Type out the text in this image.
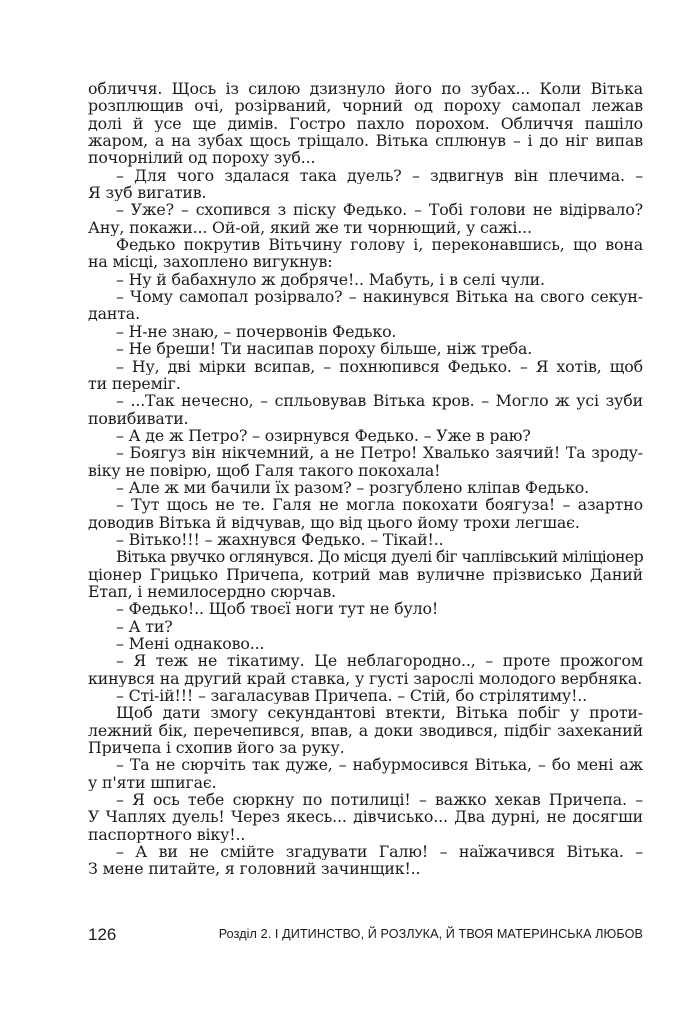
обличчя. Щось із силою дзизнуло його по зубах... Коли Вітька
розплющив очі, розірваний, чорний од пороху самопал лежав
долі й усе ще димів. Гостро пахло порохом. Обличчя пашіло
жаром, а на зубах щось тріщало. Вітька сплюнув – і до ніг випав
почорнілий од пороху зуб...
– Для чого здалася така дуель? – здвигнув він плечима. –
Я зуб вигатив.
– Уже? – схопився з піску Федько. – Тобі голови не відірвало?
Ану, покажи... Ой-ой, який же ти чорнющий, у сажі...
Федько покрутив Вітьчину голову і, переконавшись, що вона
на місці, захоплено вигукнув:
– Ну й бабахнуло ж добряче!.. Мабуть, і в селі чули.
– Чому самопал розірвало? – накинувся Вітька на свого секун-
данта.
– Н-не знаю, – почервонів Федько.
– Не бреши! Ти насипав пороху більше, ніж треба.
– Ну, дві мірки всипав, – похнюпився Федько. – Я хотів, щоб
ти переміг.
– ...Так нечесно, – спльовував Вітька кров. – Могло ж усі зуби
повибивати.
– А де ж Петро? – озирнувся Федько. – Уже в раю?
– Боягуз він нікчемний, а не Петро! Хвалько заячий! Та зроду-
віку не повірю, щоб Галя такого покохала!
– Але ж ми бачили їх разом? – розгублено кліпав Федько.
– Тут щось не те. Галя не могла покохати боягуза! – азартно
доводив Вітька й відчував, що від цього йому трохи легшає.
– Вітько!!! – жахнувся Федько. – Тікай!..
Вітька рвучко оглянувся. До місця дуелі біг чаплівський міліціонер
ціонер Грицько Причепа, котрий мав вуличне прізвисько Даний
Етап, і немилосердно сюрчав.
– Федько!.. Щоб твоєї ноги тут не було!
– А ти?
– Мені однаково...
– Я теж не тікатиму. Це неблагородно.., – проте прожогом
кинувся на другий край ставка, у густі зарослі молодого вербняка.
– Сті-ій!!! – загаласував Причепа. – Стій, бо стрілятиму!..
Щоб дати змогу секундантові втекти, Вітька побіг у проти-
лежний бік, перечепився, впав, а доки зводився, підбіг захеканий
Причепа і схопив його за руку.
– Та не сюрчіть так дуже, – набурмосився Вітька, – бо мені аж
у п'яти шпигає.
– Я ось тебе сюркну по потилиці! – важко хекав Причепа. –
У Чаплях дуель! Через якесь... дівчисько... Два дурні, не досягши
паспортного віку!..
– А ви не смійте згадувати Галю! – наїжачився Вітька. –
З мене питайте, я головний зачинщик!..
126	Розділ 2. І ДИТИНСТВО, Й РОЗЛУКА, Й ТВОЯ МАТЕРИНСЬКА ЛЮБОВ
